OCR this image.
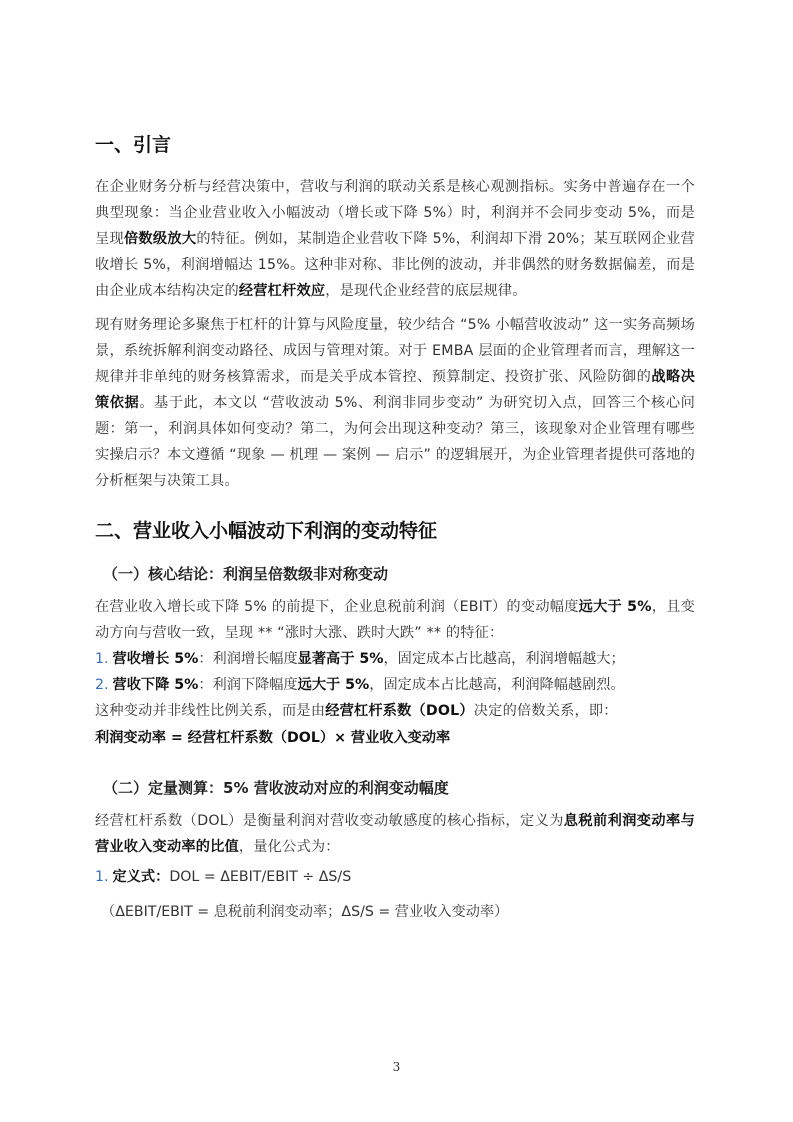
一、引言

在企业财务分析与经营决策中，营收与利润的联动关系是核心观测指标。实务中普遍存在一个典型现象：当企业营业收入小幅波动（增长或下降 5%）时，利润并不会同步变动 5%，而是呈现倍数级放大的特征。例如，某制造企业营收下降 5%，利润却下滑 20%；某互联网企业营收增长 5%，利润增幅达 15%。这种非对称、非比例的波动，并非偶然的财务数据偏差，而是由企业成本结构决定的经营杠杆效应，是现代企业经营的底层规律。

现有财务理论多聚焦于杠杆的计算与风险度量，较少结合 “5% 小幅营收波动” 这一实务高频场景，系统拆解利润变动路径、成因与管理对策。对于 EMBA 层面的企业管理者而言，理解这一规律并非单纯的财务核算需求，而是关乎成本管控、预算制定、投资扩张、风险防御的战略决策依据。基于此，本文以 “营收波动 5%、利润非同步变动” 为研究切入点，回答三个核心问题：第一，利润具体如何变动？第二，为何会出现这种变动？第三，该现象对企业管理有哪些实操启示？本文遵循 “现象 — 机理 — 案例 — 启示” 的逻辑展开，为企业管理者提供可落地的分析框架与决策工具。

二、营业收入小幅波动下利润的变动特征
（一）核心结论：利润呈倍数级非对称变动

在营业收入增长或下降 5% 的前提下，企业息税前利润（EBIT）的变动幅度远大于 5%，且变动方向与营收一致，呈现 ** “涨时大涨、跌时大跌” ** 的特征：

1. 营收增长 5%：利润增长幅度显著高于 5%，固定成本占比越高，利润增幅越大；

2. 营收下降 5%：利润下降幅度远大于 5%，固定成本占比越高，利润降幅越剧烈。

这种变动并非线性比例关系，而是由经营杠杆系数（DOL）决定的倍数关系，即：

利润变动率 = 经营杠杆系数（DOL）× 营业收入变动率

（二）定量测算：5% 营收波动对应的利润变动幅度

经营杠杆系数（DOL）是衡量利润对营收变动敏感度的核心指标，定义为息税前利润变动率与营业收入变动率的比值，量化公式为：

1. 定义式：DOL = ΔEBIT/EBIT ÷ ΔS/S

（ΔEBIT/EBIT = 息税前利润变动率；ΔS/S = 营业收入变动率）

3
